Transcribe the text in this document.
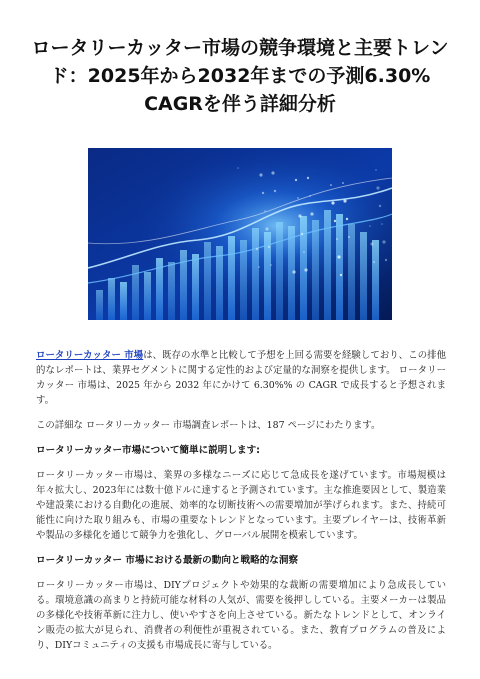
ロータリーカッター市場の競争環境と主要トレンド：2025年から2032年までの予測6.30% CAGRを伴う詳細分析

ロータリーカッター 市場は、既存の水準と比較して予想を上回る需要を経験しており、この排他的なレポートは、業界セグメントに関する定性的および定量的な洞察を提供します。 ロータリーカッター 市場は、2025 年から 2032 年にかけて 6.30%% の CAGR で成長すると予想されます。

この詳細な ロータリーカッター 市場調査レポートは、187 ページにわたります。

ロータリーカッター市場について簡単に説明します:

ロータリーカッター市場は、業界の多様なニーズに応じて急成長を遂げています。市場規模は年々拡大し、2023年には数十億ドルに達すると予測されています。主な推進要因として、製造業や建設業における自動化の進展、効率的な切断技術への需要増加が挙げられます。また、持続可能性に向けた取り組みも、市場の重要なトレンドとなっています。主要プレイヤーは、技術革新や製品の多様化を通じて競争力を強化し、グローバル展開を模索しています。

ロータリーカッター 市場における最新の動向と戦略的な洞察

ロータリーカッター市場は、DIYプロジェクトや効果的な裁断の需要増加により急成長している。環境意識の高まりと持続可能な材料の人気が、需要を後押ししている。主要メーカーは製品の多様化や技術革新に注力し、使いやすさを向上させている。新たなトレンドとして、オンライン販売の拡大が見られ、消費者の利便性が重視されている。また、教育プログラムの普及により、DIYコミュニティの支援も市場成長に寄与している。
